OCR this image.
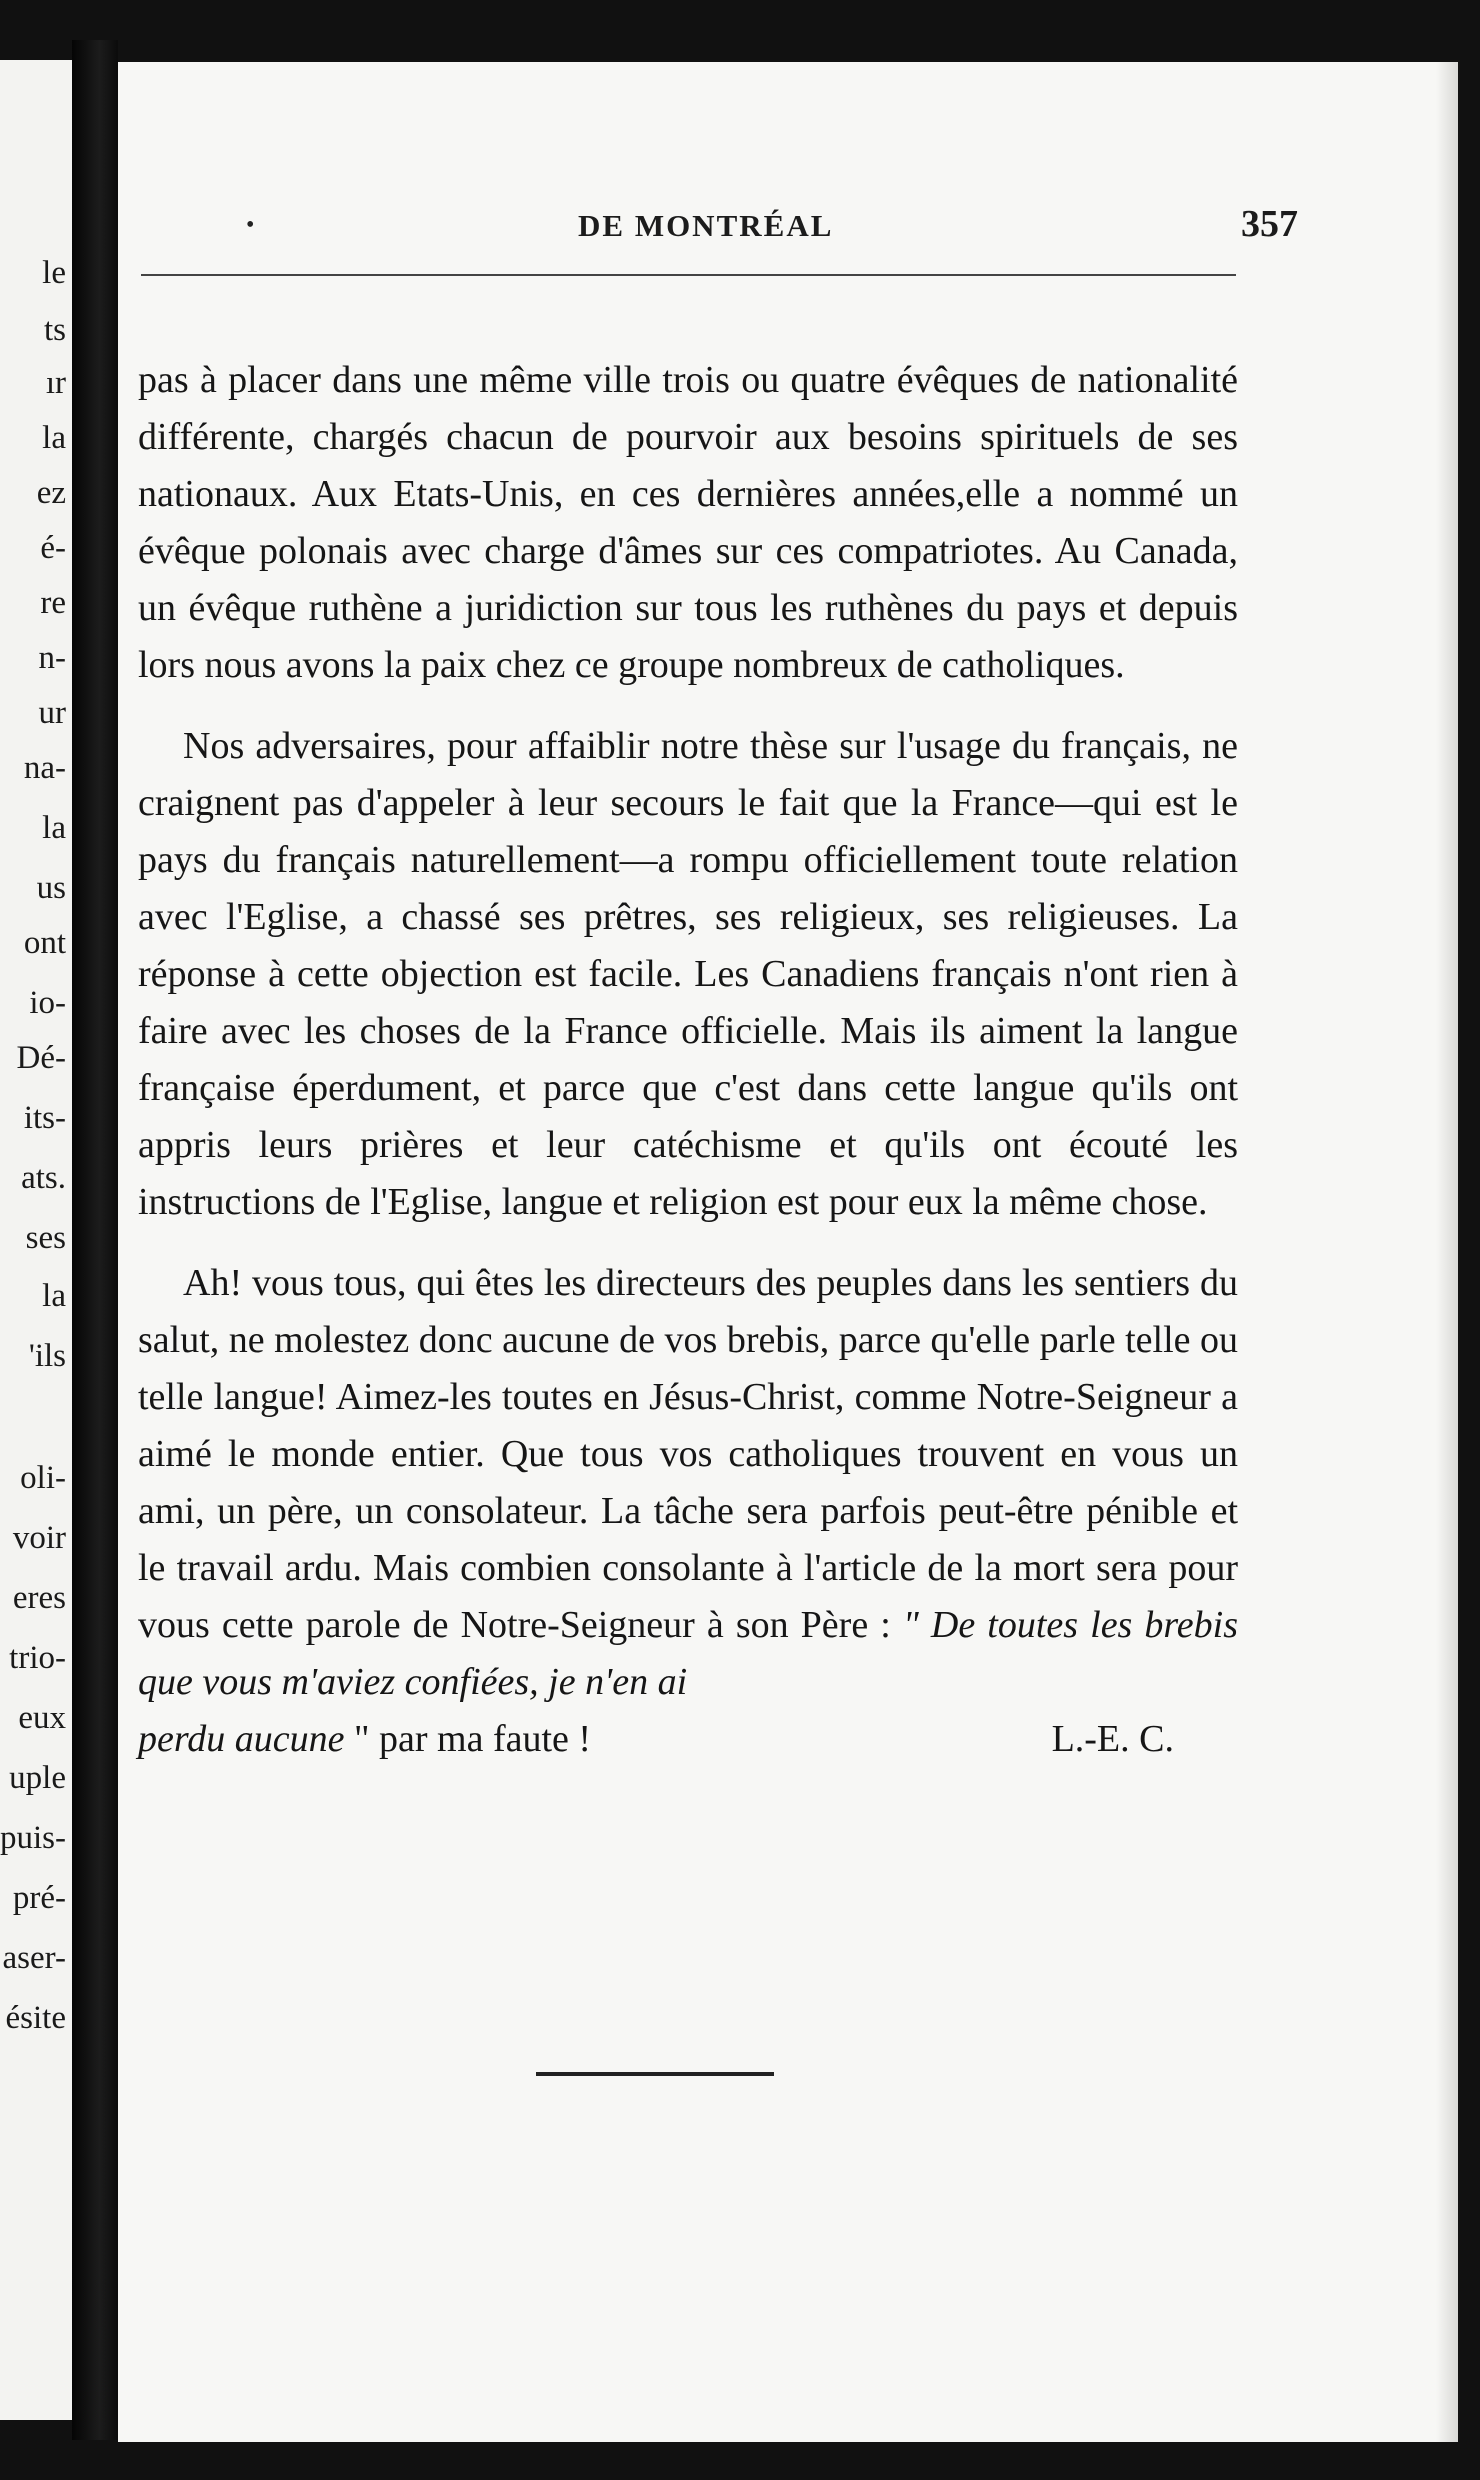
le
ts
ır
la
ez
é-
re
n-
ur
na-
la
us
ont
io-
Dé-
its-
ats.
ses
la
'ils
oli-
voir
eres
trio-
eux
uple
puis-
pré-
aser-
ésite
•	DE MONTRÉAL	357

pas à placer dans une même ville trois ou quatre évêques de nationalité différente, chargés chacun de pourvoir aux besoins spirituels de ses nationaux. Aux Etats-Unis, en ces dernières années,elle a nommé un évêque polonais avec charge d'âmes sur ces compatriotes. Au Canada, un évêque ruthène a juridiction sur tous les ruthènes du pays et depuis lors nous avons la paix chez ce groupe nombreux de catholiques.

Nos adversaires, pour affaiblir notre thèse sur l'usage du français, ne craignent pas d'appeler à leur secours le fait que la France—qui est le pays du français naturellement—a rompu officiellement toute relation avec l'Eglise, a chassé ses prêtres, ses religieux, ses religieuses. La réponse à cette objection est facile. Les Canadiens français n'ont rien à faire avec les choses de la France officielle. Mais ils aiment la langue française éperdument, et parce que c'est dans cette langue qu'ils ont appris leurs prières et leur catéchisme et qu'ils ont écouté les instructions de l'Eglise, langue et religion est pour eux la même chose.

Ah! vous tous, qui êtes les directeurs des peuples dans les sentiers du salut, ne molestez donc aucune de vos brebis, parce qu'elle parle telle ou telle langue! Aimez-les toutes en Jésus-Christ, comme Notre-Seigneur a aimé le monde entier. Que tous vos catholiques trouvent en vous un ami, un père, un consolateur. La tâche sera parfois peut-être pénible et le travail ardu. Mais combien consolante à l'article de la mort sera pour vous cette parole de Notre-Seigneur à son Père : " De toutes les brebis que vous m'aviez confiées, je n'en ai

perdu aucune " par ma faute !	L.-E. C.
